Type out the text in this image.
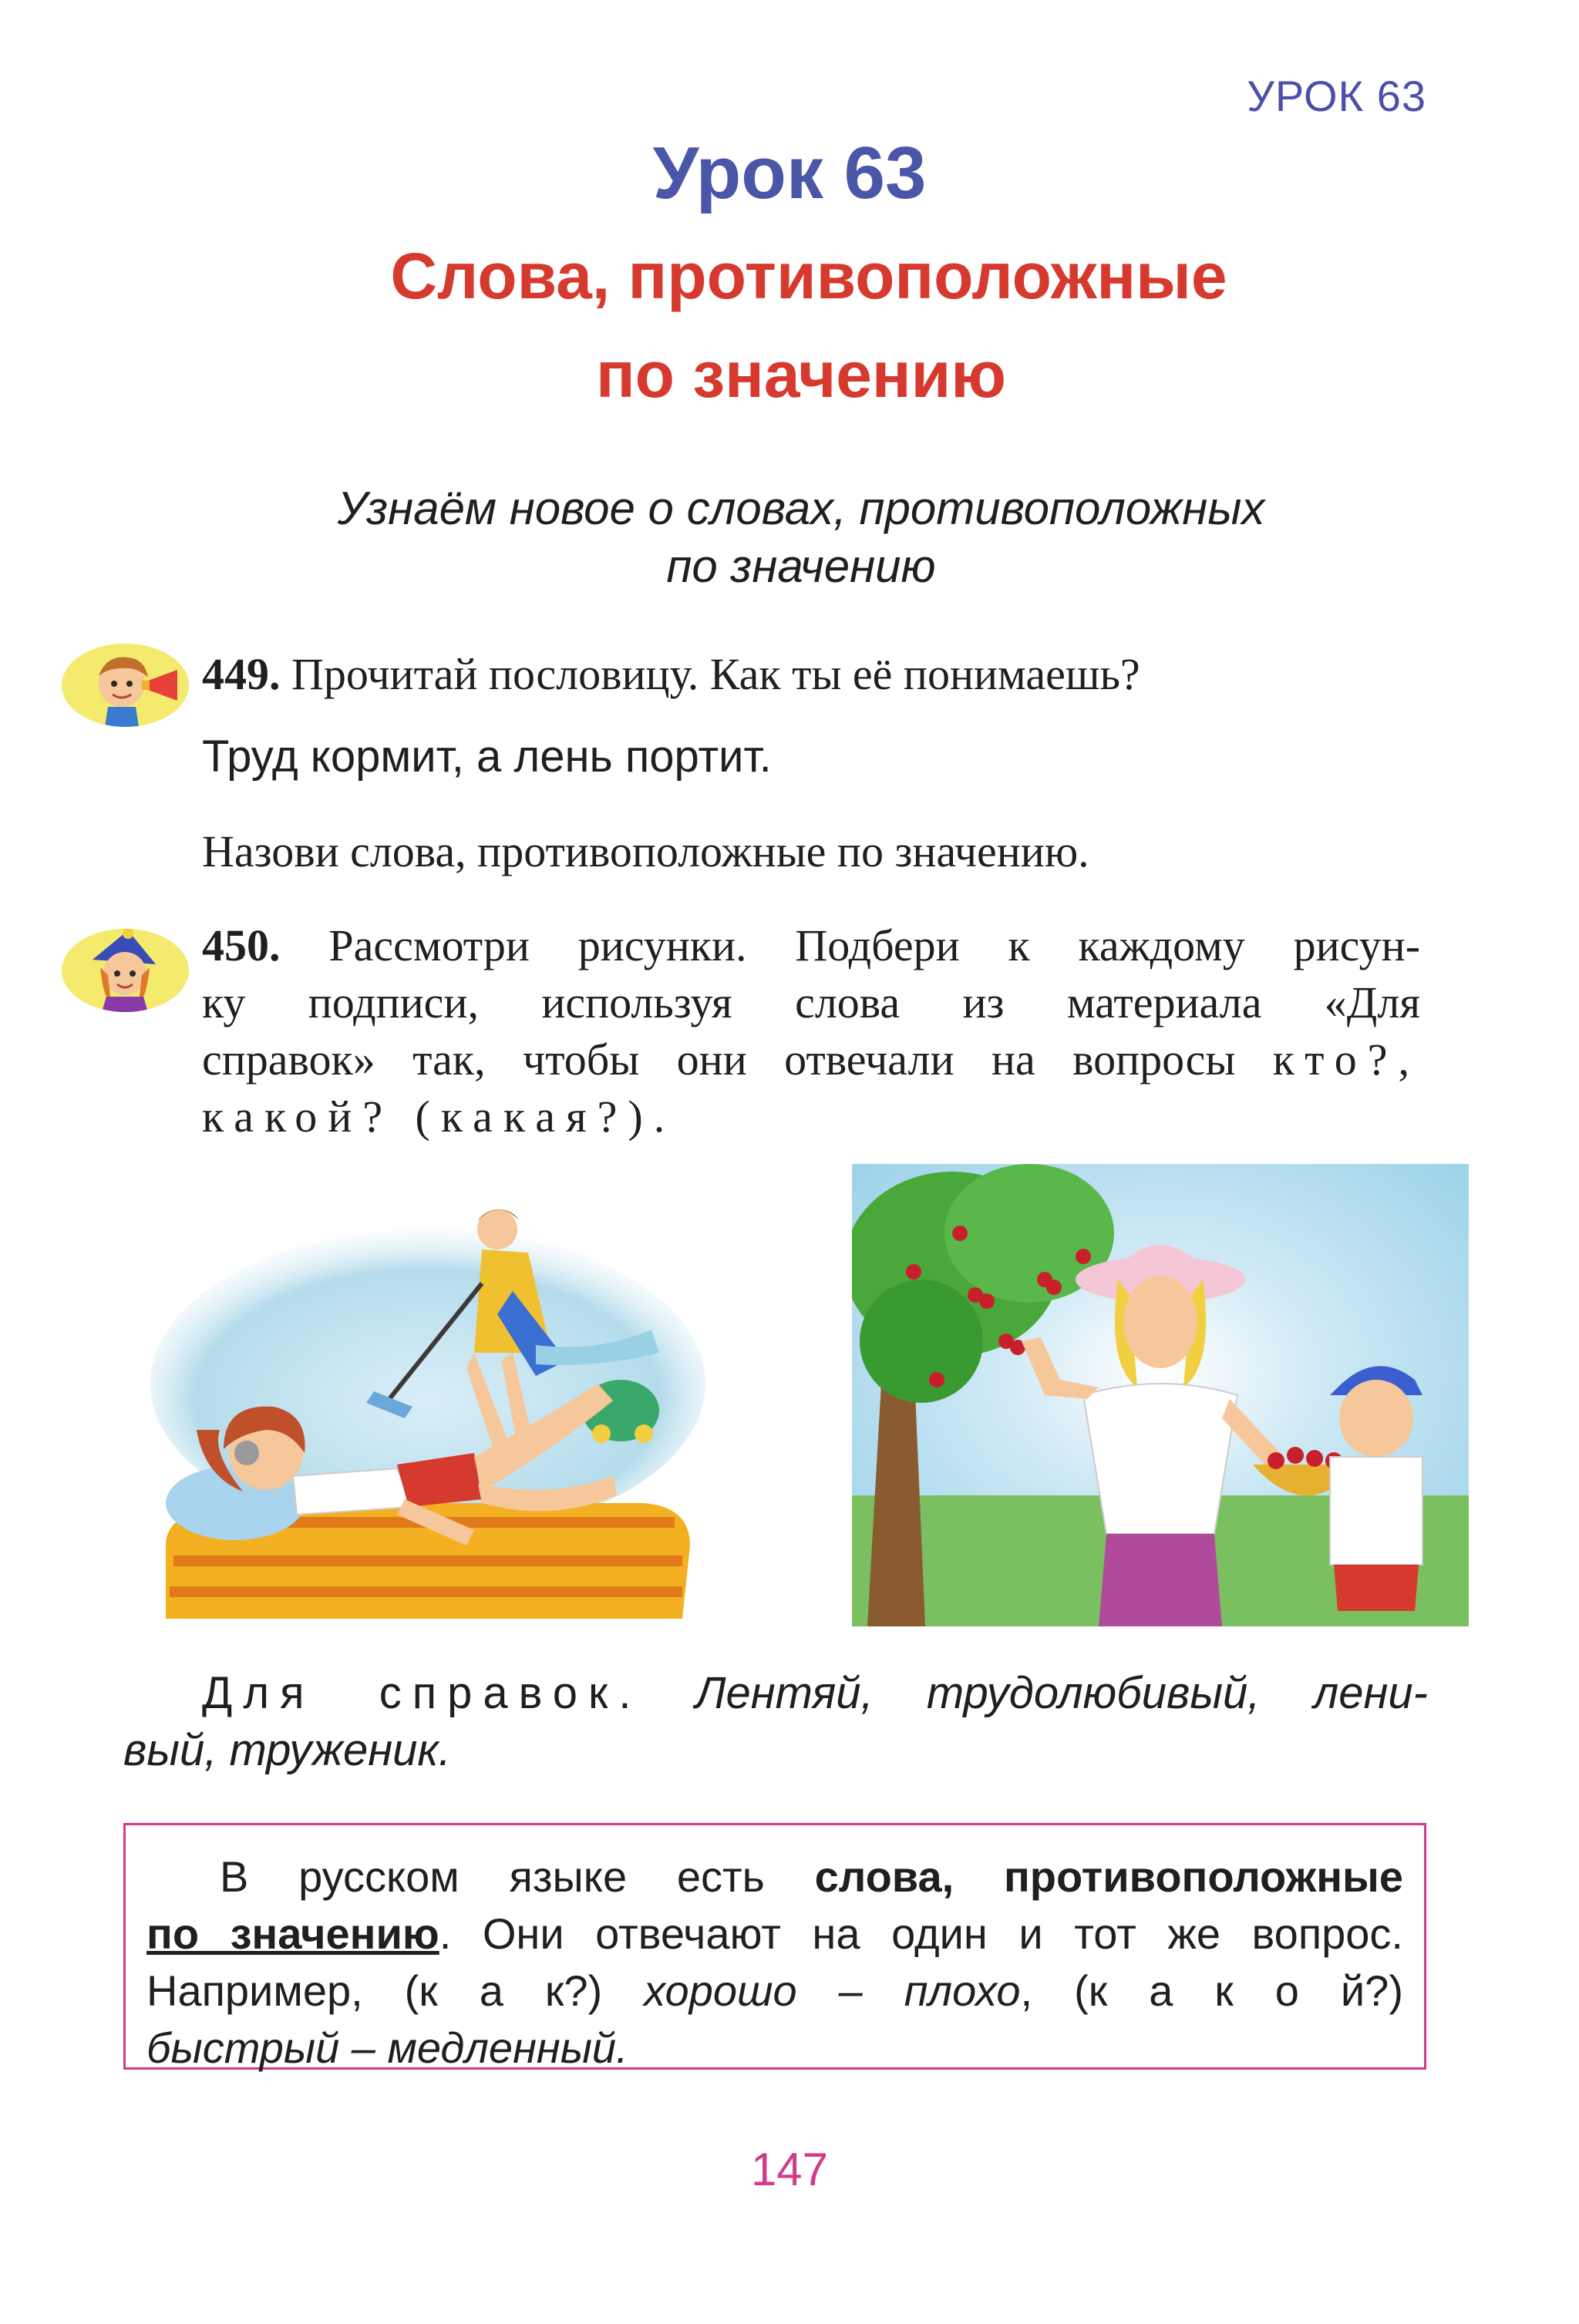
УРОК 63
Урок 63
Слова, противоположные
по значению
Узнаём новое о словах, противоположных
по значению
449. Прочитай пословицу. Как ты её понимаешь?
Труд кормит, а лень портит.
Назови слова, противоположные по значению.
450. Рассмотри рисунки. Подбери к каждому рисун-
ку подписи, используя слова из материала «Для
справок» так, чтобы они отвечали на вопросы кто?,
какой? (какая?).
Для справок. Лентяй, трудолюбивый, лени-
вый, труженик.
В русском языке есть слова, противоположные
по значению. Они отвечают на один и тот же вопрос.
Например, (к а к?) хорошо – плохо, (к а к о й?)
быстрый – медленный.
147
